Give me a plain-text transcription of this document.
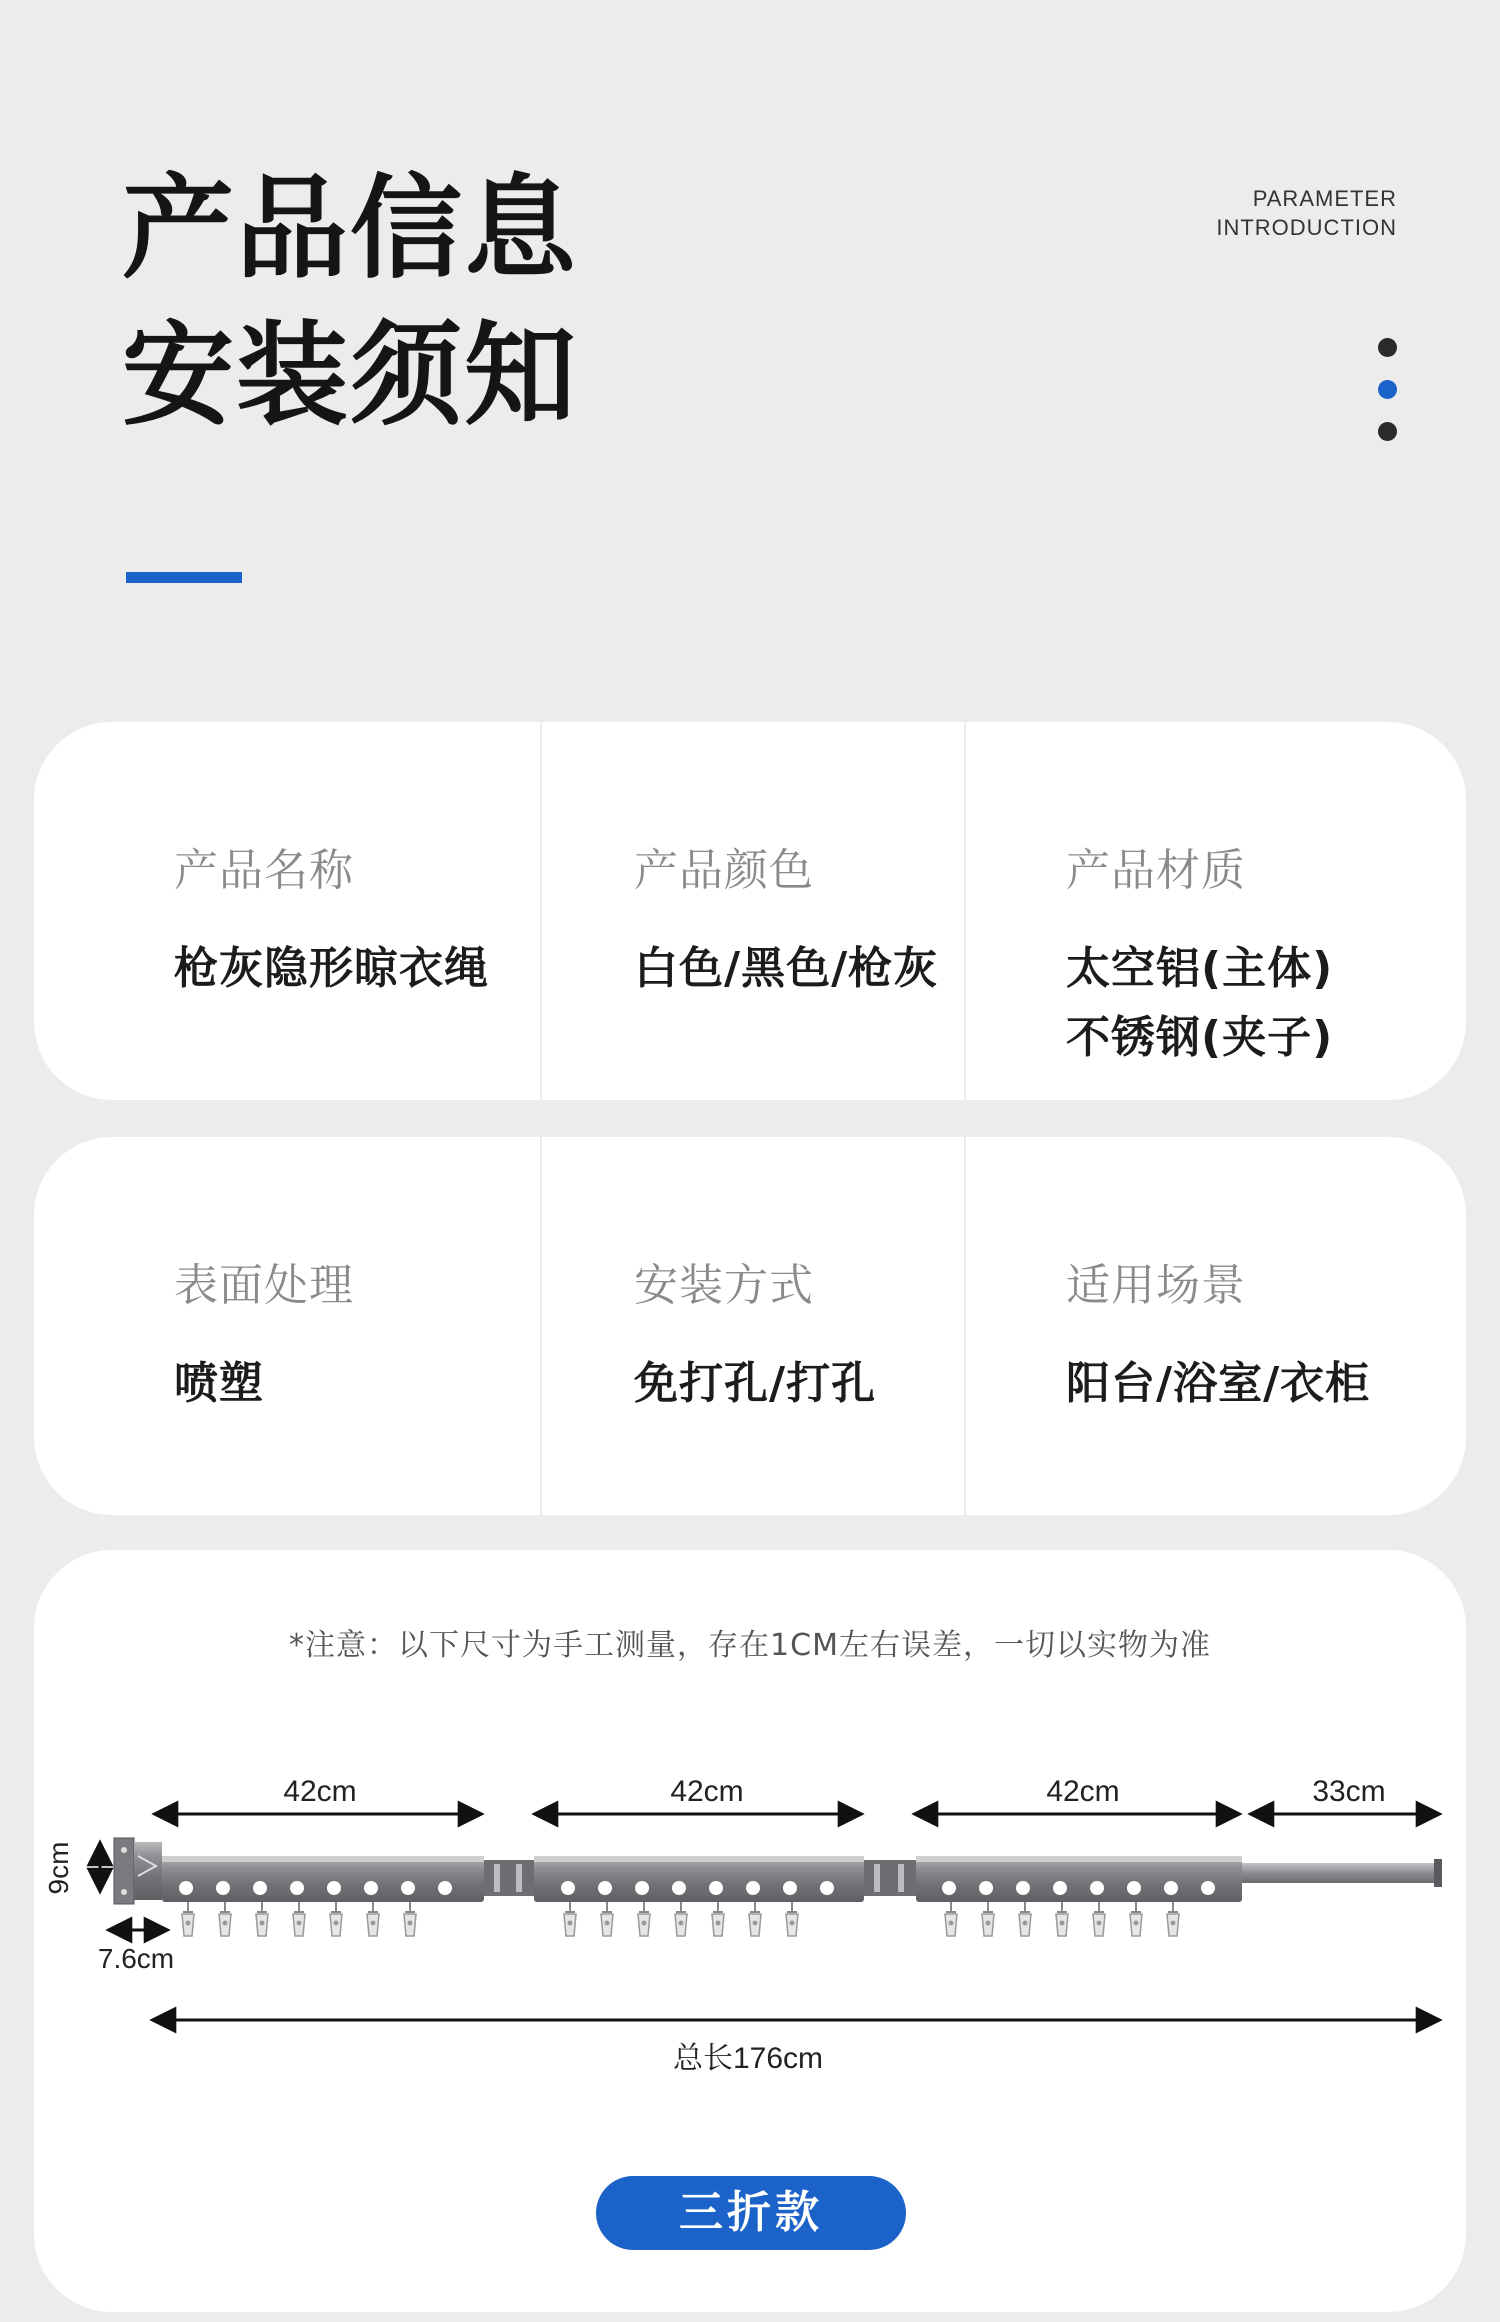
产品信息
安装须知
PARAMETER
INTRODUCTION
产品名称
枪灰隐形晾衣绳
产品颜色
白色/黑色/枪灰
产品材质
太空铝(主体)
不锈钢(夹子)
表面处理
喷塑
安装方式
免打孔/打孔
适用场景
阳台/浴室/衣柜
*注意：以下尺寸为手工测量，存在1CM左右误差，一切以实物为准
42cm	42cm	42cm	33cm
9cm
7.6cm
总长176cm
三折款
